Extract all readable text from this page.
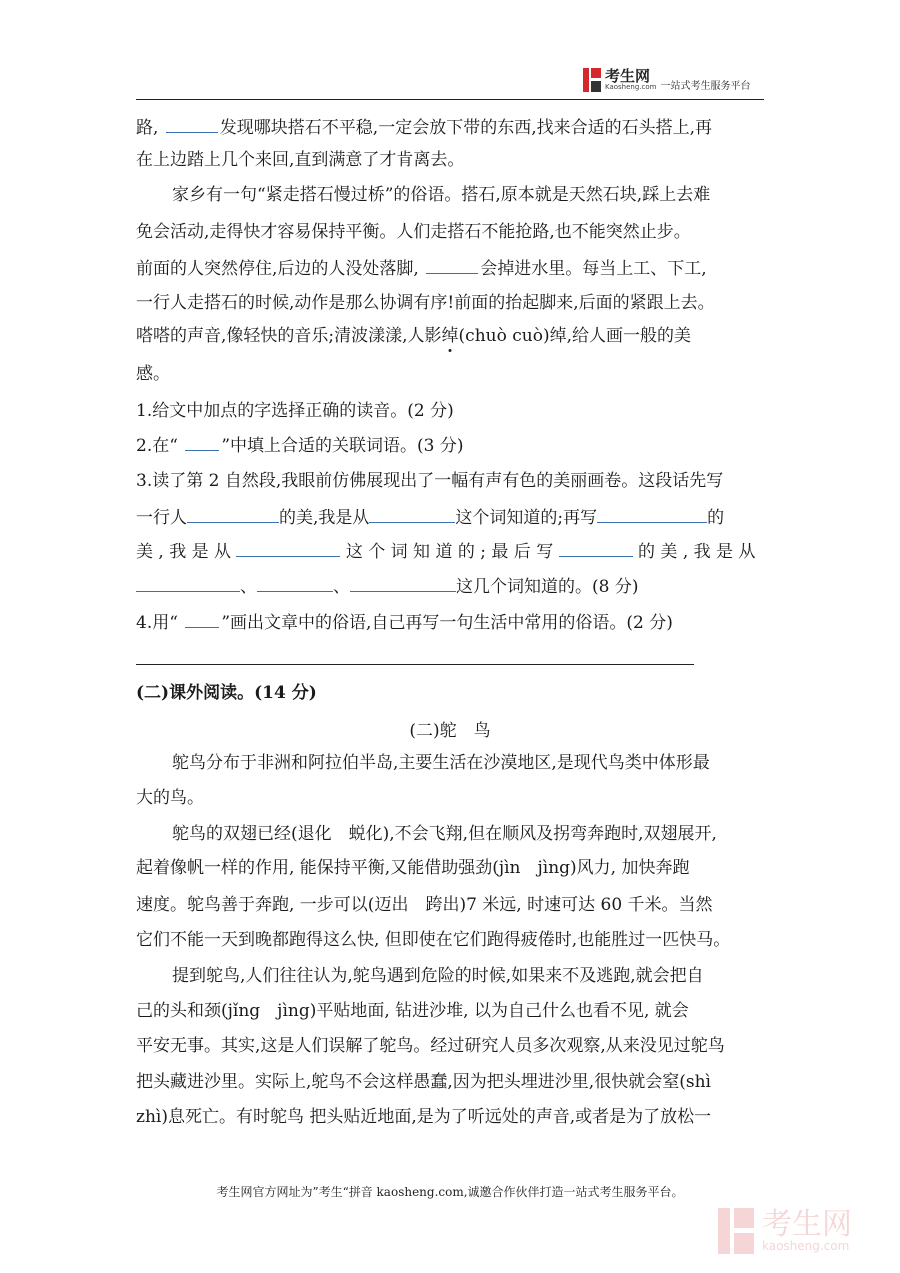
考生网
Kaosheng.com 一站式考生服务平台
路,	发现哪块搭石不平稳,一定会放下带的东西,找来合适的石头搭上,再
在上边踏上几个来回,直到满意了才肯离去。
家乡有一句“紧走搭石慢过桥”的俗语。搭石,原本就是天然石块,踩上去难
免会活动,走得快才容易保持平衡。人们走搭石不能抢路,也不能突然止步。
前面的人突然停住,后边的人没处落脚,	会掉进水里。每当上工、下工,
一行人走搭石的时候,动作是那么协调有序!前面的抬起脚来,后面的紧跟上去。
嗒嗒的声音,像轻快的音乐;清波漾漾,人影绰(chuò cuò)绰,给人画一般的美
感。
1.给文中加点的字选择正确的读音。(2 分)
2.在“	”中填上合适的关联词语。(3 分)
3.读了第 2 自然段,我眼前仿佛展现出了一幅有声有色的美丽画卷。这段话先写
一行人	的美,我是从	这个词知道的;再写	的
美 , 我 是 从	这 个 词 知 道 的 ; 最 后 写	的 美 , 我 是 从
、	、	这几个词知道的。(8 分)
4.用“	”画出文章中的俗语,自己再写一句生活中常用的俗语。(2 分)
(二)课外阅读。(14 分)
(二)鸵　鸟
鸵鸟分布于非洲和阿拉伯半岛,主要生活在沙漠地区,是现代鸟类中体形最
大的鸟。
鸵鸟的双翅已经(退化　蜕化),不会飞翔,但在顺风及拐弯奔跑时,双翅展开,
起着像帆一样的作用, 能保持平衡,又能借助强劲(jìn　jìng)风力, 加快奔跑
速度。鸵鸟善于奔跑, 一步可以(迈出　跨出)7 米远, 时速可达 60 千米。当然
它们不能一天到晚都跑得这么快, 但即使在它们跑得疲倦时,也能胜过一匹快马。
提到鸵鸟,人们往往认为,鸵鸟遇到危险的时候,如果来不及逃跑,就会把自
己的头和颈(jǐng　jìng)平贴地面, 钻进沙堆, 以为自己什么也看不见, 就会
平安无事。其实,这是人们误解了鸵鸟。经过研究人员多次观察,从来没见过鸵鸟
把头藏进沙里。实际上,鸵鸟不会这样愚蠢,因为把头埋进沙里,很快就会窒(shì
zhì)息死亡。有时鸵鸟 把头贴近地面,是为了听远处的声音,或者是为了放松一
考生网官方网址为”考生“拼音 kaosheng.com,诚邀合作伙伴打造一站式考生服务平台。
考生网
kaosheng.com
